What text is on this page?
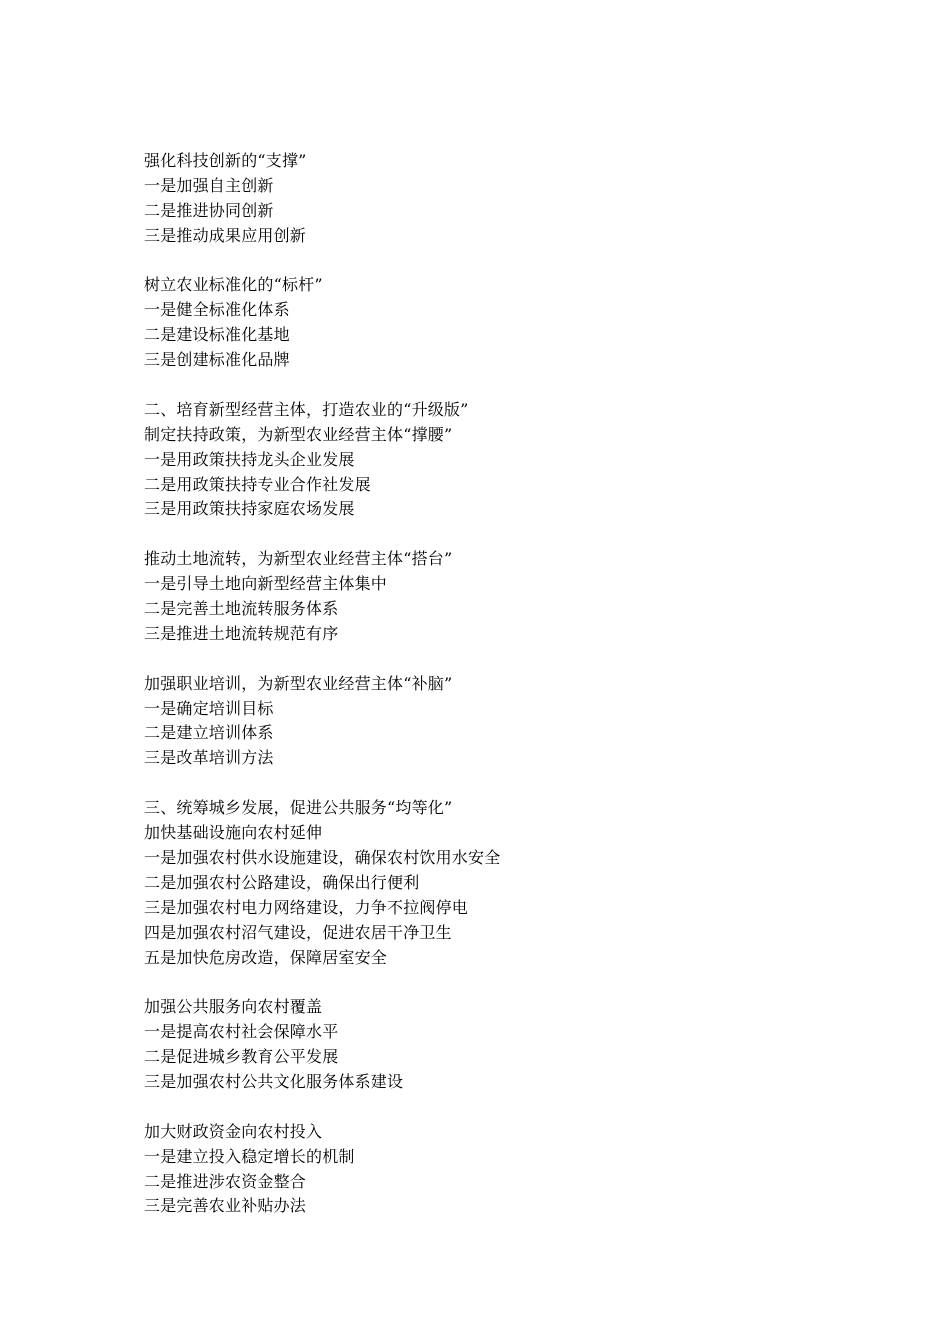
强化科技创新的“支撑”
一是加强自主创新
二是推进协同创新
三是推动成果应用创新
树立农业标准化的“标杆”
一是健全标准化体系
二是建设标准化基地
三是创建标准化品牌
二、培育新型经营主体，打造农业的“升级版”
制定扶持政策，为新型农业经营主体“撑腰”
一是用政策扶持龙头企业发展
二是用政策扶持专业合作社发展
三是用政策扶持家庭农场发展
推动土地流转，为新型农业经营主体“搭台”
一是引导土地向新型经营主体集中
二是完善土地流转服务体系
三是推进土地流转规范有序
加强职业培训，为新型农业经营主体“补脑”
一是确定培训目标
二是建立培训体系
三是改革培训方法
三、统筹城乡发展，促进公共服务“均等化”
加快基础设施向农村延伸
一是加强农村供水设施建设，确保农村饮用水安全
二是加强农村公路建设，确保出行便利
三是加强农村电力网络建设，力争不拉阀停电
四是加强农村沼气建设，促进农居干净卫生
五是加快危房改造，保障居室安全
加强公共服务向农村覆盖
一是提高农村社会保障水平
二是促进城乡教育公平发展
三是加强农村公共文化服务体系建设
加大财政资金向农村投入
一是建立投入稳定增长的机制
二是推进涉农资金整合
三是完善农业补贴办法
